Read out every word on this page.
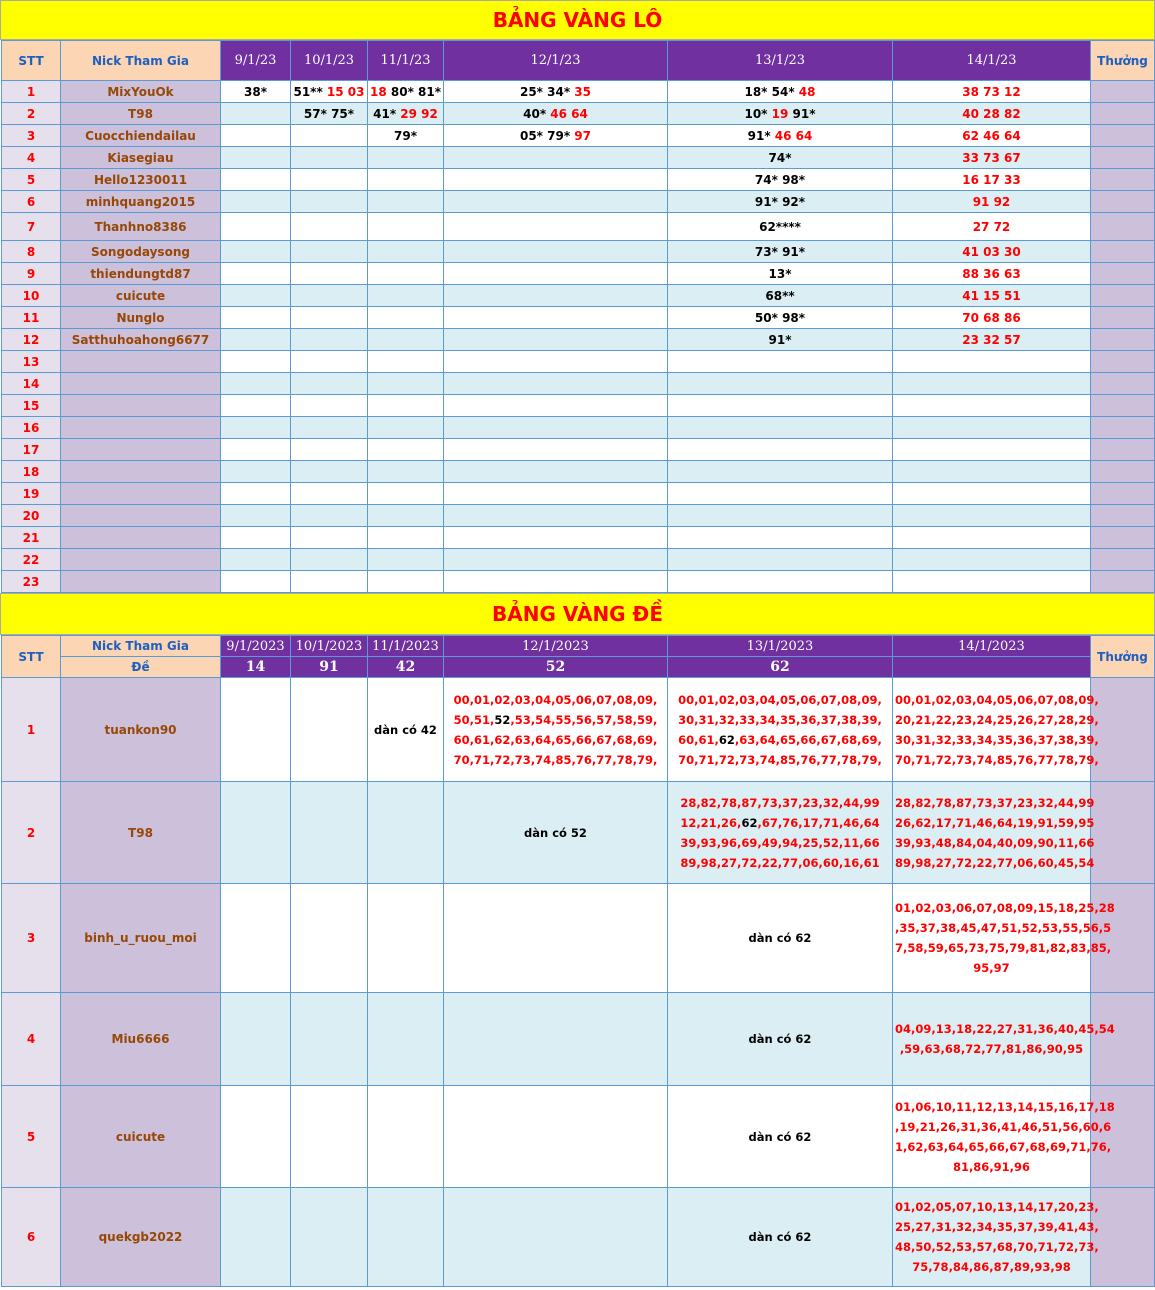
BẢNG VÀNG LÔ
STT	Nick Tham Gia	9/1/23	10/1/23	11/1/23	12/1/23	13/1/23	14/1/23	Thưởng
1	MixYouOk	38*	51** 15 03	18 80* 81*	25* 34* 35	18* 54* 48	38 73 12	
2	T98		57* 75*	41* 29 92	40* 46 64	10* 19 91*	40 28 82	
3	Cuocchiendailau			79*	05* 79* 97	91* 46 64	62 46 64	
4	Kiasegiau					74*	33 73 67	
5	Hello1230011					74* 98*	16 17 33	
6	minhquang2015					91* 92*	91 92	
7	Thanhno8386					62****	27 72	
8	Songodaysong					73* 91*	41 03 30	
9	thiendungtd87					13*	88 36 63	
10	cuicute					68**	41 15 51	
11	Nunglo					50* 98*	70 68 86	
12	Satthuhoahong6677					91*	23 32 57	
13								
14								
15								
16								
17								
18								
19								
20								
21								
22								
23								
BẢNG VÀNG ĐỀ
STT	Nick Tham Gia	9/1/2023	10/1/2023	11/1/2023	12/1/2023	13/1/2023	14/1/2023	Thưởng
	Đề	14	91	42	52	62		
1	tuankon90			dàn có 42	00,01,02,03,04,05,06,07,08,09,
50,51,52,53,54,55,56,57,58,59,
60,61,62,63,64,65,66,67,68,69,
70,71,72,73,74,85,76,77,78,79,	00,01,02,03,04,05,06,07,08,09,
30,31,32,33,34,35,36,37,38,39,
60,61,62,63,64,65,66,67,68,69,
70,71,72,73,74,85,76,77,78,79,	00,01,02,03,04,05,06,07,08,09,
20,21,22,23,24,25,26,27,28,29,
30,31,32,33,34,35,36,37,38,39,
70,71,72,73,74,85,76,77,78,79,	
2	T98				dàn có 52	28,82,78,87,73,37,23,32,44,99
12,21,26,62,67,76,17,71,46,64
39,93,96,69,49,94,25,52,11,66
89,98,27,72,22,77,06,60,16,61	28,82,78,87,73,37,23,32,44,99
26,62,17,71,46,64,19,91,59,95
39,93,48,84,04,40,09,90,11,66
89,98,27,72,22,77,06,60,45,54	
3	binh_u_ruou_moi					dàn có 62	01,02,03,06,07,08,09,15,18,25,28
,35,37,38,45,47,51,52,53,55,56,5
7,58,59,65,73,75,79,81,82,83,85,
95,97	
4	Miu6666					dàn có 62	04,09,13,18,22,27,31,36,40,45,54
,59,63,68,72,77,81,86,90,95	
5	cuicute					dàn có 62	01,06,10,11,12,13,14,15,16,17,18
,19,21,26,31,36,41,46,51,56,60,6
1,62,63,64,65,66,67,68,69,71,76,
81,86,91,96	
6	quekgb2022					dàn có 62	01,02,05,07,10,13,14,17,20,23,
25,27,31,32,34,35,37,39,41,43,
48,50,52,53,57,68,70,71,72,73,
75,78,84,86,87,89,93,98	
